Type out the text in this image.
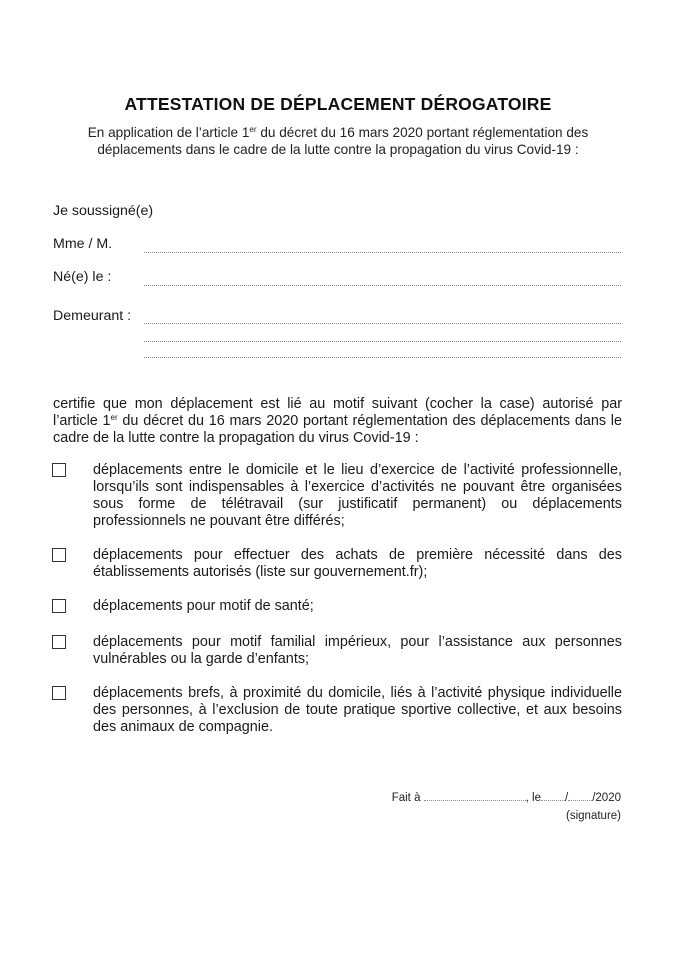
ATTESTATION DE DÉPLACEMENT DÉROGATOIRE
En application de l’article 1er du décret du 16 mars 2020 portant réglementation des
déplacements dans le cadre de la lutte contre la propagation du virus Covid-19 :
Je soussigné(e)
Mme / M.
Né(e) le :
Demeurant :
certifie que mon déplacement est lié au motif suivant (cocher la case) autorisé par l’article 1er du décret du 16 mars 2020 portant réglementation des déplacements dans le cadre de la lutte contre la propagation du virus Covid-19 :
déplacements entre le domicile et le lieu d’exercice de l’activité professionnelle, lorsqu’ils sont indispensables à l’exercice d’activités ne pouvant être organisées sous forme de télétravail (sur justificatif permanent) ou déplacements professionnels ne pouvant être différés;
déplacements pour effectuer des achats de première nécessité dans des établissements autorisés (liste sur gouvernement.fr);
déplacements pour motif de santé;
déplacements pour motif familial impérieux, pour l’assistance aux personnes vulnérables ou la garde d’enfants;
déplacements brefs, à proximité du domicile, liés à l’activité physique individuelle des personnes, à l’exclusion de toute pratique sportive collective, et aux besoins des animaux de compagnie.
Fait à	, le / /2020
(signature)
